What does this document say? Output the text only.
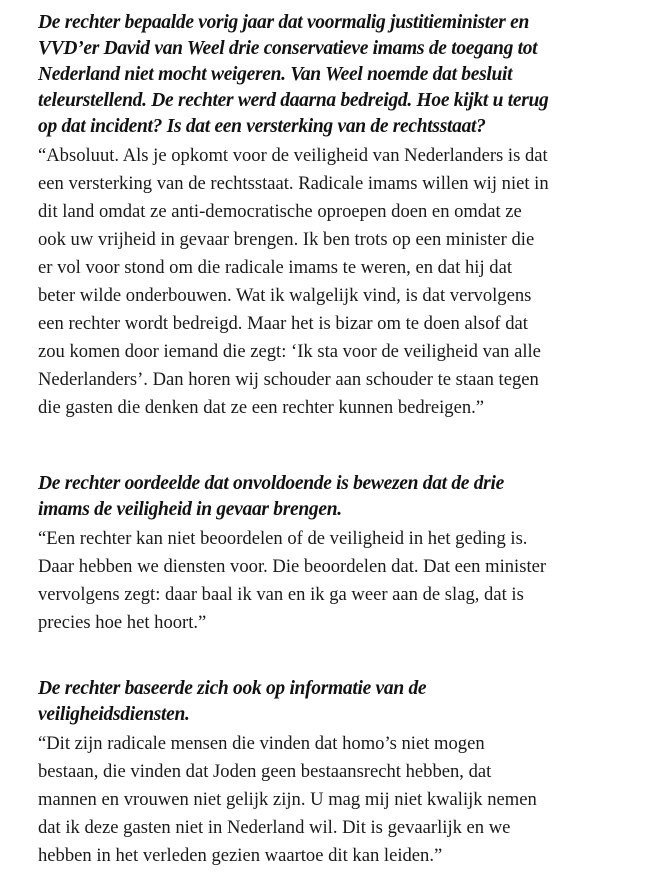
De rechter bepaalde vorig jaar dat voormalig justitieminister en
VVD’er David van Weel drie conservatieve imams de toegang tot
Nederland niet mocht weigeren. Van Weel noemde dat besluit
teleurstellend. De rechter werd daarna bedreigd. Hoe kijkt u terug
op dat incident? Is dat een versterking van de rechtsstaat?

“Absoluut. Als je opkomt voor de veiligheid van Nederlanders is dat
een versterking van de rechtsstaat. Radicale imams willen wij niet in
dit land omdat ze anti-democratische oproepen doen en omdat ze
ook uw vrijheid in gevaar brengen. Ik ben trots op een minister die
er vol voor stond om die radicale imams te weren, en dat hij dat
beter wilde onderbouwen. Wat ik walgelijk vind, is dat vervolgens
een rechter wordt bedreigd. Maar het is bizar om te doen alsof dat
zou komen door iemand die zegt: ‘Ik sta voor de veiligheid van alle
Nederlanders’. Dan horen wij schouder aan schouder te staan tegen
die gasten die denken dat ze een rechter kunnen bedreigen.”

De rechter oordeelde dat onvoldoende is bewezen dat de drie
imams de veiligheid in gevaar brengen.

“Een rechter kan niet beoordelen of de veiligheid in het geding is.
Daar hebben we diensten voor. Die beoordelen dat. Dat een minister
vervolgens zegt: daar baal ik van en ik ga weer aan de slag, dat is
precies hoe het hoort.”

De rechter baseerde zich ook op informatie van de
veiligheidsdiensten.

“Dit zijn radicale mensen die vinden dat homo’s niet mogen
bestaan, die vinden dat Joden geen bestaansrecht hebben, dat
mannen en vrouwen niet gelijk zijn. U mag mij niet kwalijk nemen
dat ik deze gasten niet in Nederland wil. Dit is gevaarlijk en we
hebben in het verleden gezien waartoe dit kan leiden.”
